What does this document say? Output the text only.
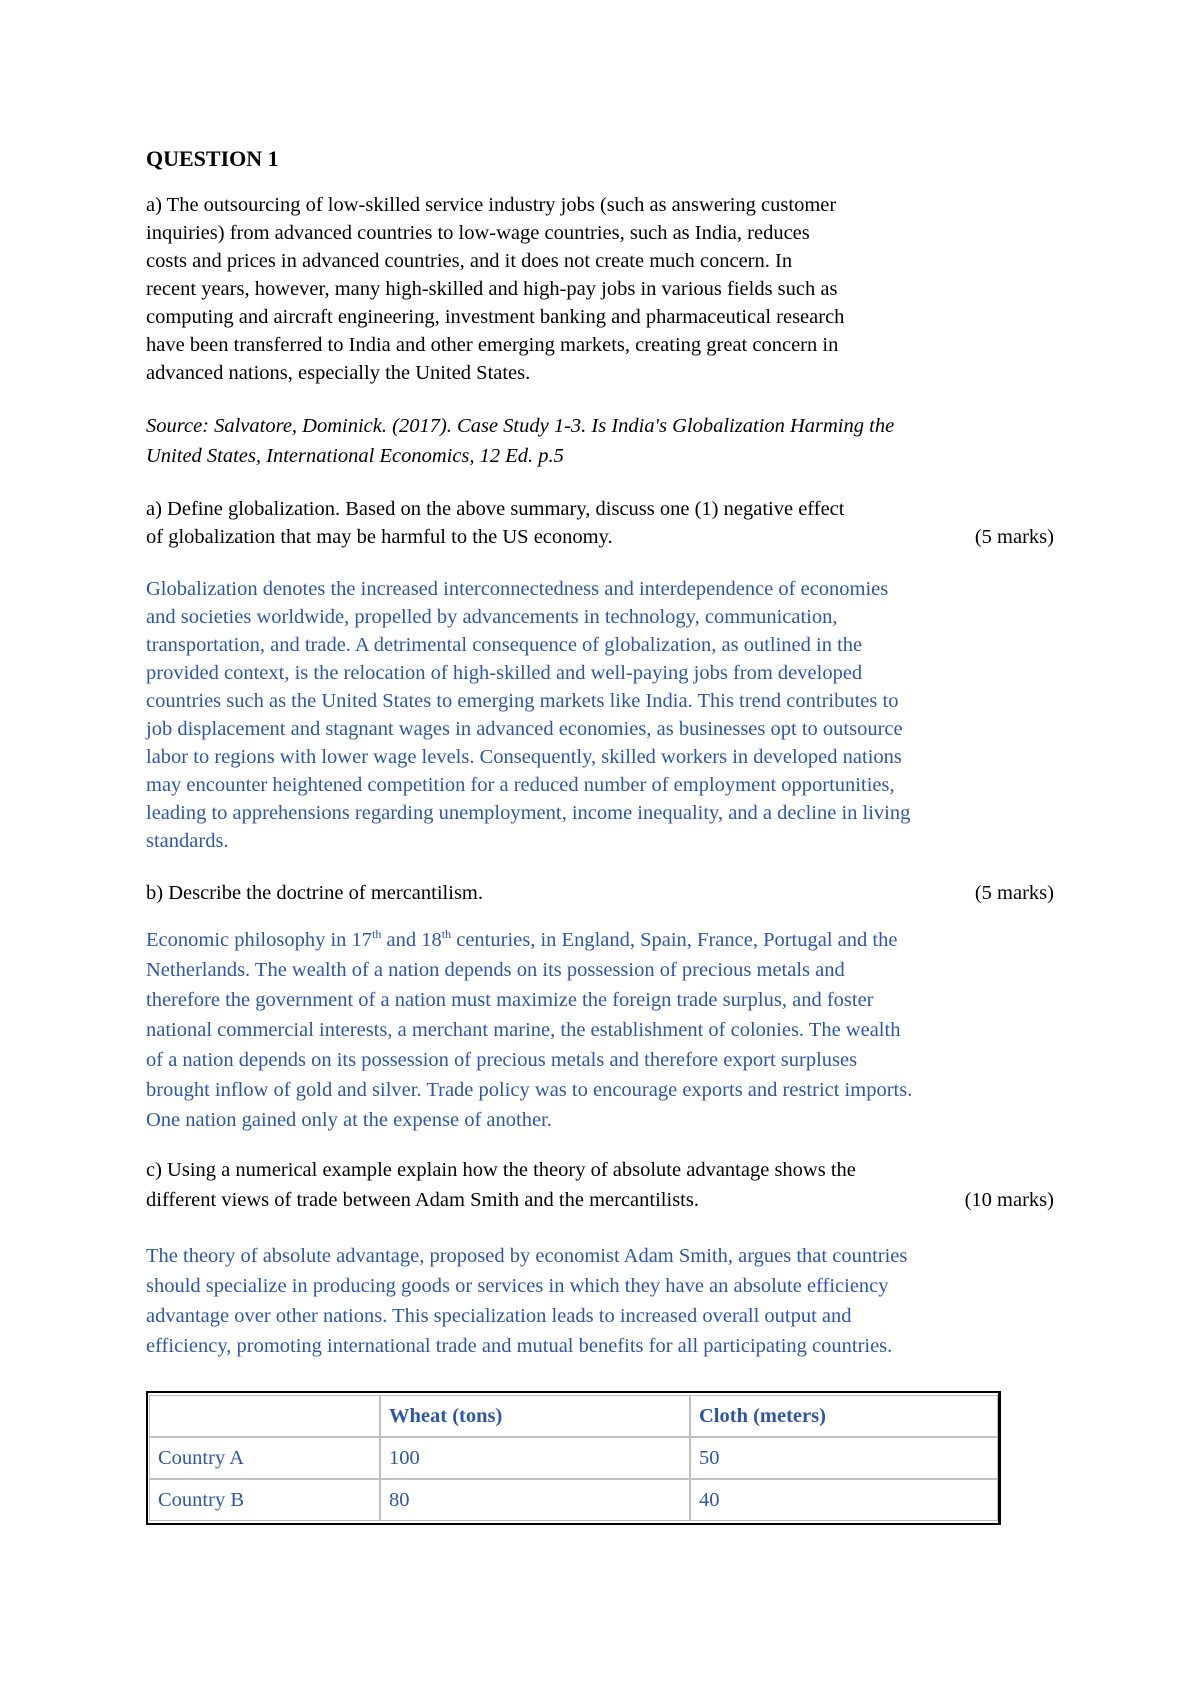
QUESTION 1

a) The outsourcing of low-skilled service industry jobs (such as answering customer

inquiries) from advanced countries to low-wage countries, such as India, reduces

costs and prices in advanced countries, and it does not create much concern. In

recent years, however, many high-skilled and high-pay jobs in various fields such as

computing and aircraft engineering, investment banking and pharmaceutical research

have been transferred to India and other emerging markets, creating great concern in

advanced nations, especially the United States.

Source: Salvatore, Dominick. (2017). Case Study 1-3. Is India's Globalization Harming the

United States, International Economics, 12 Ed. p.5

a) Define globalization. Based on the above summary, discuss one (1) negative effect

of globalization that may be harmful to the US economy.	(5 marks)

Globalization denotes the increased interconnectedness and interdependence of economies

and societies worldwide, propelled by advancements in technology, communication,

transportation, and trade. A detrimental consequence of globalization, as outlined in the

provided context, is the relocation of high-skilled and well-paying jobs from developed

countries such as the United States to emerging markets like India. This trend contributes to

job displacement and stagnant wages in advanced economies, as businesses opt to outsource

labor to regions with lower wage levels. Consequently, skilled workers in developed nations

may encounter heightened competition for a reduced number of employment opportunities,

leading to apprehensions regarding unemployment, income inequality, and a decline in living

standards.

b) Describe the doctrine of mercantilism.	(5 marks)

Economic philosophy in 17th and 18th centuries, in England, Spain, France, Portugal and the

Netherlands. The wealth of a nation depends on its possession of precious metals and

therefore the government of a nation must maximize the foreign trade surplus, and foster

national commercial interests, a merchant marine, the establishment of colonies. The wealth

of a nation depends on its possession of precious metals and therefore export surpluses

brought inflow of gold and silver. Trade policy was to encourage exports and restrict imports.

One nation gained only at the expense of another.

c) Using a numerical example explain how the theory of absolute advantage shows the

different views of trade between Adam Smith and the mercantilists.	(10 marks)

The theory of absolute advantage, proposed by economist Adam Smith, argues that countries

should specialize in producing goods or services in which they have an absolute efficiency

advantage over other nations. This specialization leads to increased overall output and

efficiency, promoting international trade and mutual benefits for all participating countries.

	Wheat (tons)	Cloth (meters)
Country A	100	50
Country B	80	40
